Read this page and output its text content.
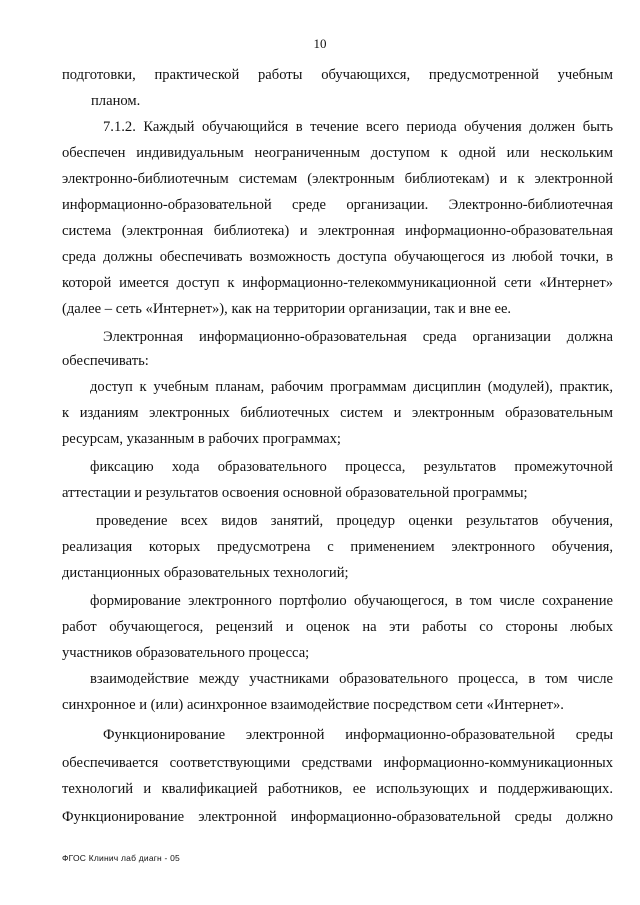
10
подготовки, практической работы обучающихся, предусмотренной учебным
планом.
7.1.2. Каждый обучающийся в течение всего периода обучения должен быть
обеспечен индивидуальным неограниченным доступом к одной или нескольким
электронно-библиотечным системам (электронным библиотекам) и к электронной
информационно-образовательной среде организации. Электронно-библиотечная
система (электронная библиотека) и электронная информационно-образовательная
среда должны обеспечивать возможность доступа обучающегося из любой точки, в
которой имеется доступ к информационно-телекоммуникационной сети «Интернет»
(далее – сеть «Интернет»), как на территории организации, так и вне ее.
Электронная информационно-образовательная среда организации должна
обеспечивать:
доступ к учебным планам, рабочим программам дисциплин (модулей), практик,
к изданиям электронных библиотечных систем и электронным образовательным
ресурсам, указанным в рабочих программах;
фиксацию хода образовательного процесса, результатов промежуточной
аттестации и результатов освоения основной образовательной программы;
проведение всех видов занятий, процедур оценки результатов обучения,
реализация которых предусмотрена с применением электронного обучения,
дистанционных образовательных технологий;
формирование электронного портфолио обучающегося, в том числе сохранение
работ обучающегося, рецензий и оценок на эти работы со стороны любых
участников образовательного процесса;
взаимодействие между участниками образовательного процесса, в том числе
синхронное и (или) асинхронное взаимодействие посредством сети «Интернет».
Функционирование электронной информационно-образовательной среды
обеспечивается соответствующими средствами информационно-коммуникационных
технологий и квалификацией работников, ее использующих и поддерживающих.
Функционирование электронной информационно-образовательной среды должно
ФГОС Клинич лаб диагн - 05
